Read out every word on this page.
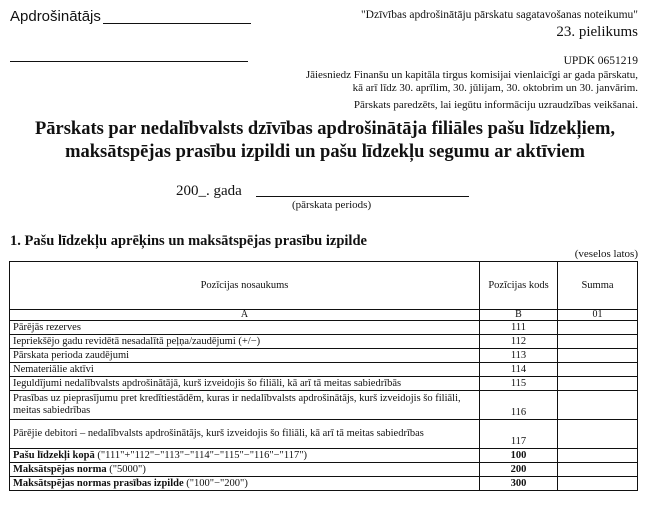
Apdrošinātājs	"Dzīvības apdrošinātāju pārskatu sagatavošanas noteikumu"
23. pielikums
UPDK 0651219
Jāiesniedz Finanšu un kapitāla tirgus komisijai vienlaicīgi ar gada pārskatu,
kā arī līdz 30. aprīlim, 30. jūlijam, 30. oktobrim un 30. janvārim.
Pārskats paredzēts, lai iegūtu informāciju uzraudzības veikšanai.
Pārskats par nedalībvalsts dzīvības apdrošinātāja filiāles pašu līdzekļiem,
maksātspējas prasību izpildi un pašu līdzekļu segumu ar aktīviem
200_. gada
(pārskata periods)
1. Pašu līdzekļu aprēķins un maksātspējas prasību izpilde
(veselos latos)
Pozīcijas nosaukums	Pozīcijas kods	Summa
A	B	01
Pārējās rezerves	111	
Iepriekšējo gadu revidētā nesadalītā peļņa/zaudējumi (+/−)	112	
Pārskata perioda zaudējumi	113	
Nemateriālie aktīvi	114	
Ieguldījumi nedalībvalsts apdrošinātājā, kurš izveidojis šo filiāli, kā arī tā meitas sabiedrībās	115	
Prasības uz pieprasījumu pret kredītiestādēm, kuras ir nedalībvalsts apdrošinātājs, kurš izveidojis šo filiāli, meitas sabiedrības	116	
Pārējie debitori – nedalībvalsts apdrošinātājs, kurš izveidojis šo filiāli, kā arī tā meitas sabiedrības	117	
Pašu līdzekļi kopā ("111"+"112"−"113"−"114"−"115"−"116"−"117")	100	
Maksātspējas norma ("5000")	200	
Maksātspējas normas prasības izpilde ("100"−"200")	300	
